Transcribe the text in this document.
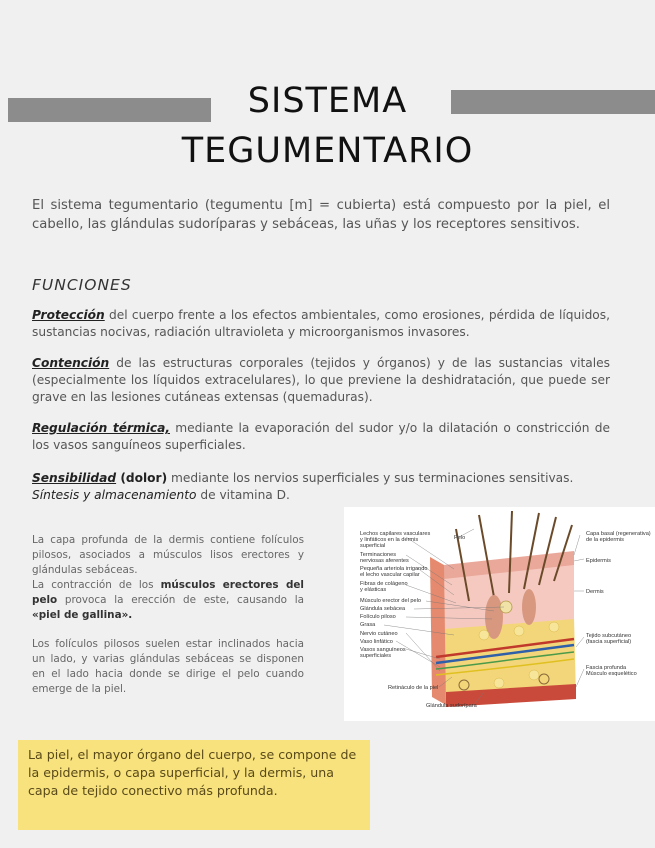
SISTEMA
TEGUMENTARIO
El sistema tegumentario (tegumentu [m] = cubierta) está compuesto por la piel, el cabello, las glándulas sudoríparas y sebáceas, las uñas y los receptores sensitivos.
FUNCIONES
Protección del cuerpo frente a los efectos ambientales, como erosiones, pérdida de líquidos, sustancias nocivas, radiación ultravioleta y microorganismos invasores.
Contención de las estructuras corporales (tejidos y órganos) y de las sustancias vitales (especialmente los líquidos extracelulares), lo que previene la deshidratación, que puede ser grave en las lesiones cutáneas extensas (quemaduras).
Regulación térmica, mediante la evaporación del sudor y/o la dilatación o constricción de los vasos sanguíneos superficiales.
Sensibilidad (dolor) mediante los nervios superficiales y sus terminaciones sensitivas.
Síntesis y almacenamiento de vitamina D.
La capa profunda de la dermis contiene folículos pilosos, asociados a músculos lisos erectores y glándulas sebáceas.
La contracción de los músculos erectores del pelo provoca la erección de este, causando la «piel de gallina».
Los folículos pilosos suelen estar inclinados hacia un lado, y varias glándulas sebáceas se disponen en el lado hacia donde se dirige el pelo cuando emerge de la piel.
Lechos capilares vasculares
y linfáticos en la dermis
superficial
Terminaciones
nerviosas aferentes
Pequeña arteriola irrigando
el lecho vascular capilar
Fibras de colágeno
y elásticas
Músculo erector del pelo
Glándula sebácea
Folículo piloso
Grasa
Nervio cutáneo
Vaso linfático
Vasos sanguíneos
superficiales
Pelo
Capa basal (regenerativa)
de la epidermis
Epidermis
Dermis
Tejido subcutáneo
(fascia superficial)
Fascia profunda
Músculo esquelético
Retináculo de la piel
Glándula sudorípara
La piel, el mayor órgano del cuerpo, se compone de la epidermis, o capa superficial, y la dermis, una capa de tejido conectivo más profunda.
